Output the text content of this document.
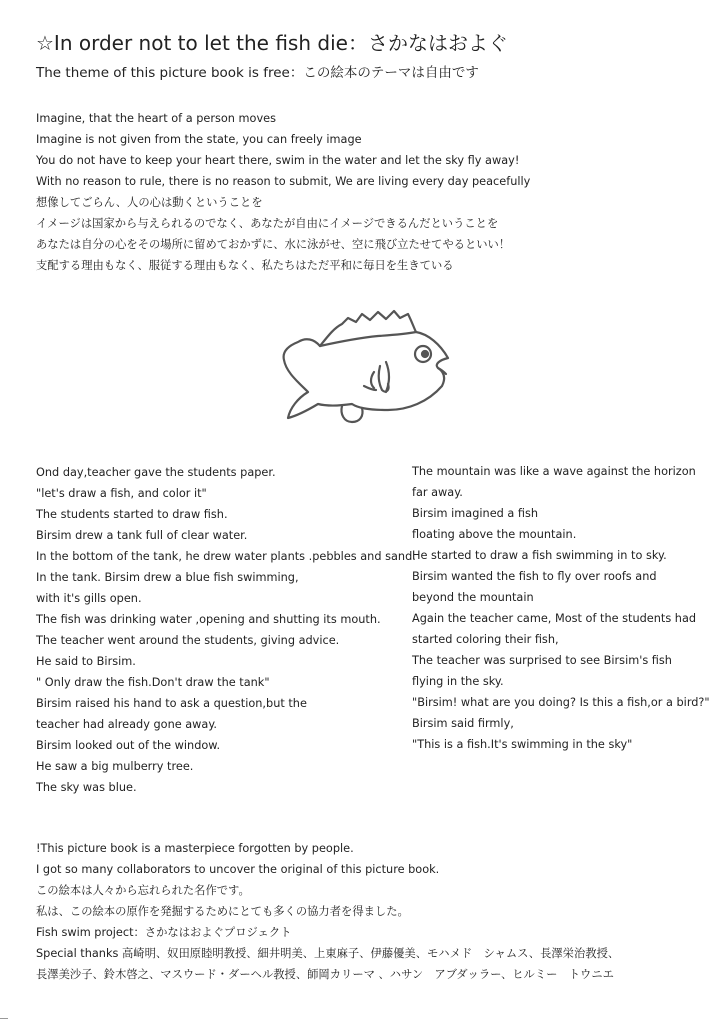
☆In order not to let the fish die：さかなはおよぐ
The theme of this picture book is free：この絵本のテーマは自由です
Imagine, that the heart of a person moves
Imagine is not given from the state, you can freely image
You do not have to keep your heart there, swim in the water and let the sky fly away!
With no reason to rule, there is no reason to submit, We are living every day peacefully
想像してごらん、人の心は動くということを
イメージは国家から与えられるのでなく、あなたが自由にイメージできるんだということを
あなたは自分の心をその場所に留めておかずに、水に泳がせ、空に飛び立たせてやるといい！
支配する理由もなく、服従する理由もなく、私たちはただ平和に毎日を生きている
Ond day,teacher gave the students paper.
"let's draw a fish, and color it"
The students started to draw fish.
Birsim drew a tank full of clear water.
In the bottom of the tank, he drew water plants .pebbles and sand.
In the tank. Birsim drew a blue fish swimming,
with it's gills open.
The fish was drinking water ,opening and shutting its mouth.
The teacher went around the students, giving advice.
He said to Birsim.
" Only draw the fish.Don't draw the tank"
Birsim raised his hand to ask a question,but the
teacher had already gone away.
Birsim looked out of the window.
He saw a big mulberry tree.
The sky was blue.
The mountain was like a wave against the horizon
far away.
Birsim imagined a fish
floating above the mountain.
He started to draw a fish swimming in to sky.
Birsim wanted the fish to fly over roofs and
beyond the mountain
Again the teacher came, Most of the students had
started coloring their fish,
The teacher was surprised to see Birsim's fish
flying in the sky.
"Birsim! what are you doing? Is this a fish,or a bird?"
Birsim said firmly,
"This is a fish.It's swimming in the sky"
!This picture book is a masterpiece forgotten by people.
I got so many collaborators to uncover the original of this picture book.
この絵本は人々から忘れられた名作です。
私は、この絵本の原作を発掘するためにとても多くの協力者を得ました。
Fish swim project：さかなはおよぐプロジェクト
Special thanks 高崎明、奴田原睦明教授、細井明美、上東麻子、伊藤優美、モハメド　シャムス、長澤栄治教授、
長澤美沙子、鈴木啓之、マスウード・ダーヘル教授、師岡カリーマ 、ハサン　アブダッラー、ヒルミー　トウニエ
